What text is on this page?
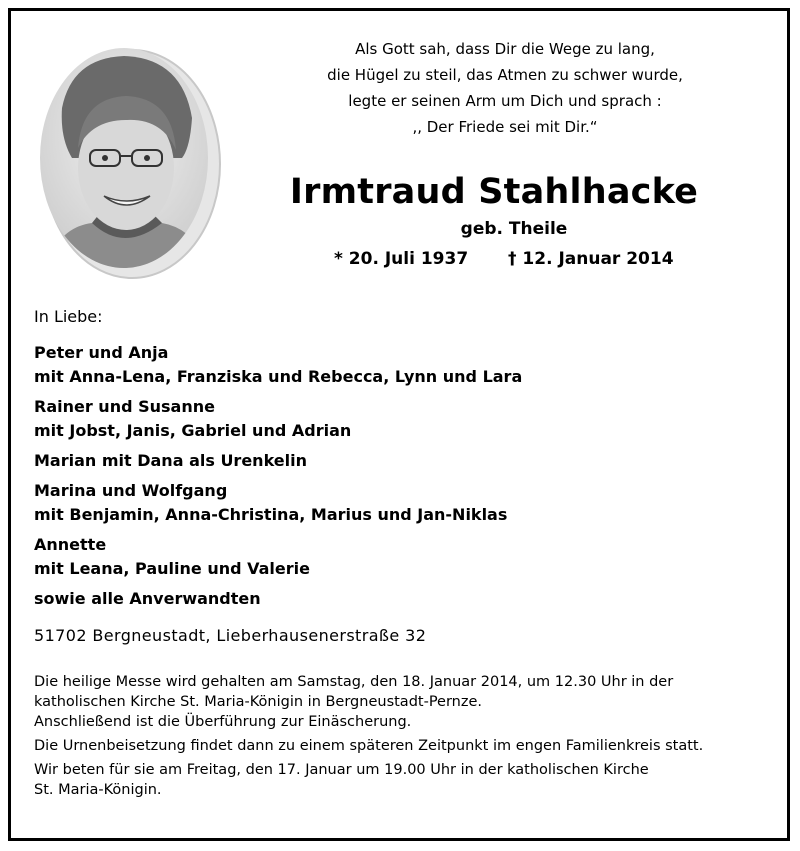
Als Gott sah, dass Dir die Wege zu lang,
die Hügel zu steil, das Atmen zu schwer wurde,
legte er seinen Arm um Dich und sprach :
,, Der Friede sei mit Dir.“
Irmtraud Stahlhacke
geb. Theile
* 20. Juli 1937 † 12. Januar 2014
In Liebe:
Peter und Anja
mit Anna-Lena, Franziska und Rebecca, Lynn und Lara
Rainer und Susanne
mit Jobst, Janis, Gabriel und Adrian
Marian mit Dana als Urenkelin
Marina und Wolfgang
mit Benjamin, Anna-Christina, Marius und Jan-Niklas
Annette
mit Leana, Pauline und Valerie
sowie alle Anverwandten
51702 Bergneustadt, Lieberhausenerstraße 32

Die heilige Messe wird gehalten am Samstag, den 18. Januar 2014, um 12.30 Uhr in der
katholischen Kirche St. Maria-Königin in Bergneustadt-Pernze.
Anschließend ist die Überführung zur Einäscherung.

Die Urnenbeisetzung findet dann zu einem späteren Zeitpunkt im engen Familienkreis statt.

Wir beten für sie am Freitag, den 17. Januar um 19.00 Uhr in der katholischen Kirche
St. Maria-Königin.
